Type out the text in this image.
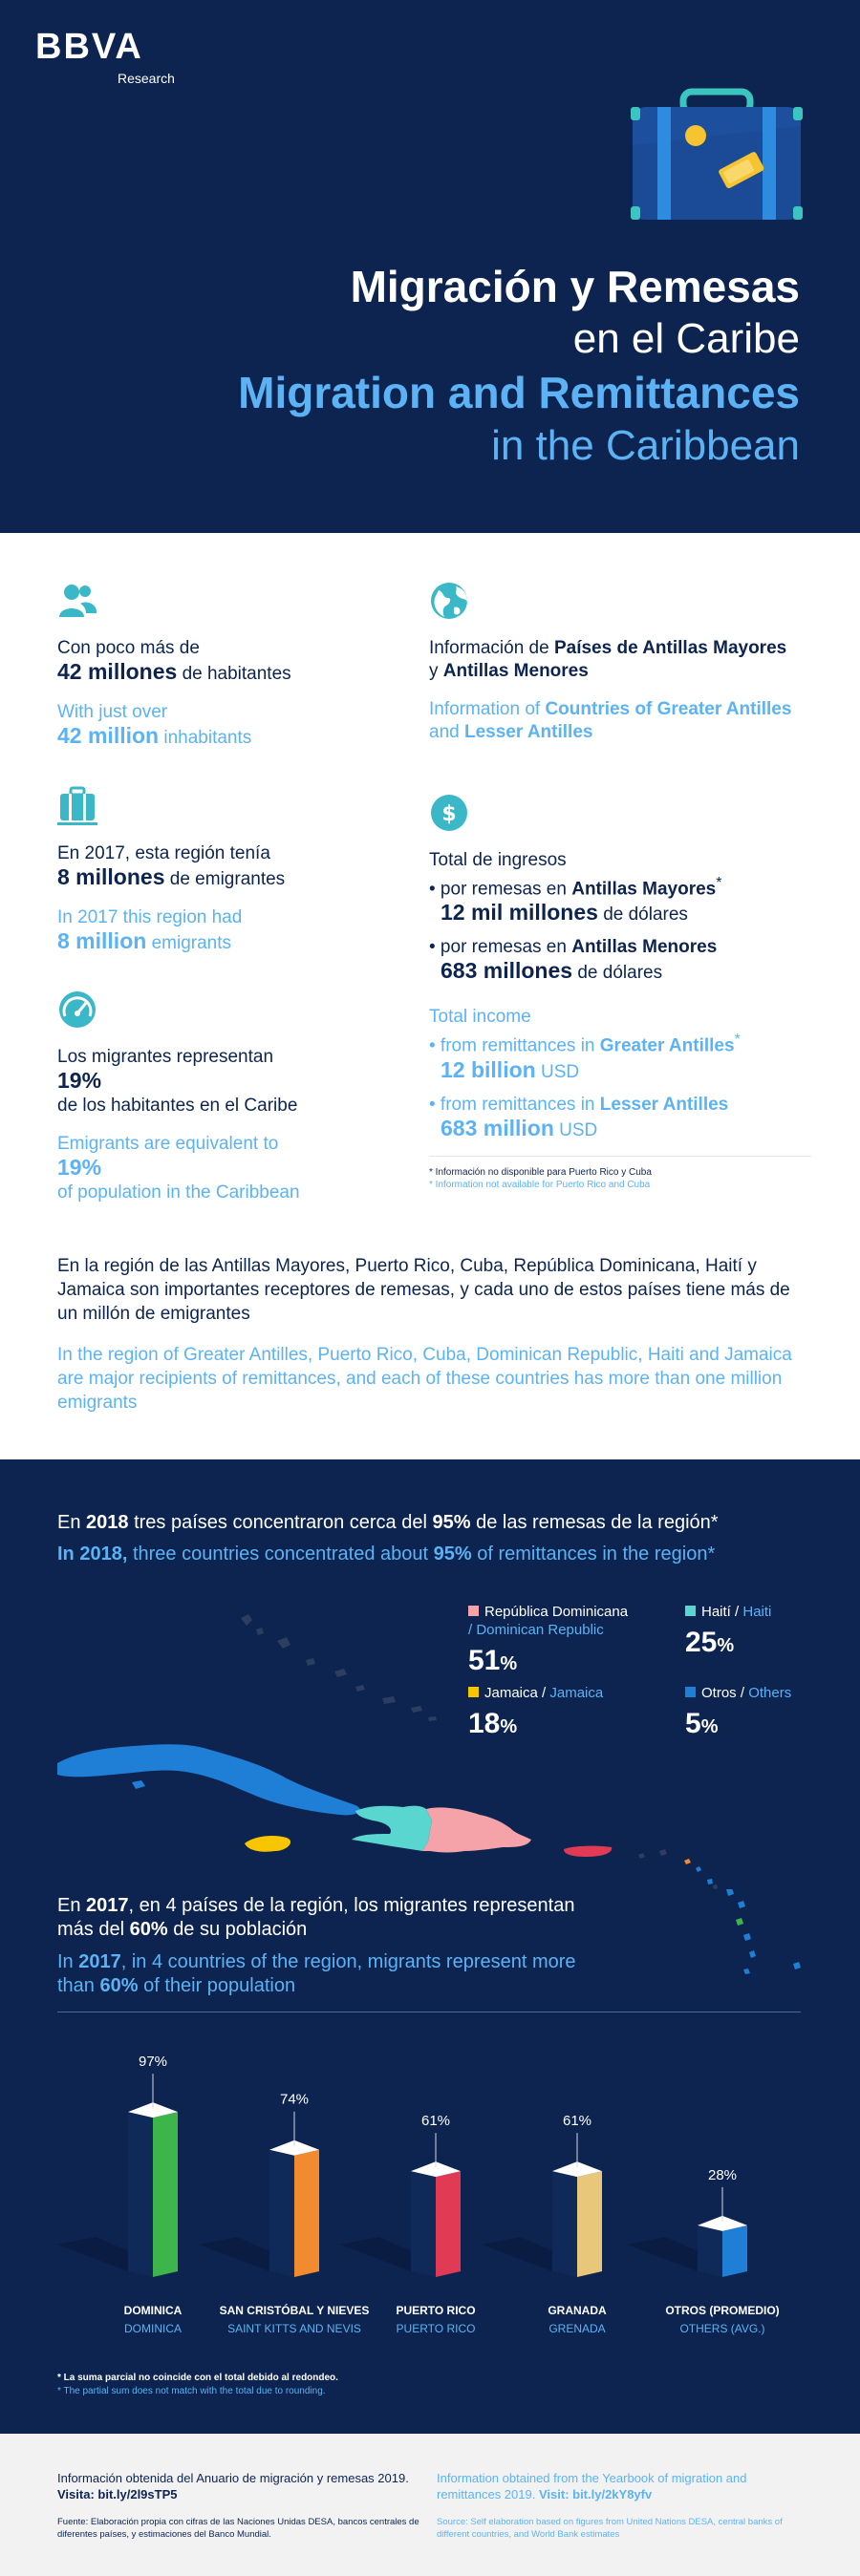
BBVA
Research
Migración y Remesas
en el Caribe
Migration and Remittances
in the Caribbean
Con poco más de
42 millones de habitantes
With just over
42 million inhabitants
Información de Países de Antillas Mayores y Antillas Menores
Information of Countries of Greater Antilles and Lesser Antilles
En 2017, esta región tenía
8 millones de emigrantes
In 2017 this region had
8 million emigrants
$
Total de ingresos
• por remesas en Antillas Mayores*
12 mil millones de dólares
• por remesas en Antillas Menores
683 millones de dólares
Total income
• from remittances in Greater Antilles*
12 billion USD
• from remittances in Lesser Antilles
683 million USD
* Información no disponible para Puerto Rico y Cuba
* Information not available for Puerto Rico and Cuba
Los migrantes representan
19%
de los habitantes en el Caribe
Emigrants are equivalent to
19%
of population in the Caribbean
En la región de las Antillas Mayores, Puerto Rico, Cuba, República Dominicana, Haití y Jamaica son importantes receptores de remesas, y cada uno de estos países tiene más de un millón de emigrantes
In the region of Greater Antilles, Puerto Rico, Cuba, Dominican Republic, Haiti and Jamaica are major recipients of remittances, and each of these countries has more than one million emigrants
En 2018 tres países concentraron cerca del 95% de las remesas de la región*
In 2018, three countries concentrated about 95% of remittances in the region*
República Dominicana
/ Dominican Republic
51%
Haití / Haiti
25%
Jamaica / Jamaica
18%
Otros / Others
5%
En 2017, en 4 países de la región, los migrantes representan más del 60% de su población
In 2017, in 4 countries of the region, migrants represent more than 60% of their population
97%
DOMINICA
DOMINICA
74%
SAN CRISTÓBAL Y NIEVES
SAINT KITTS AND NEVIS
61%
PUERTO RICO
PUERTO RICO
61%
GRANADA
GRENADA
28%
OTROS (PROMEDIO)
OTHERS (AVG.)
* La suma parcial no coincide con el total debido al redondeo.
* The partial sum does not match with the total due to rounding.
Información obtenida del Anuario de migración y remesas 2019. Visita: bit.ly/2l9sTP5
Fuente: Elaboración propia con cifras de las Naciones Unidas DESA, bancos centrales de diferentes países, y estimaciones del Banco Mundial.
Information obtained from the Yearbook of migration and remittances 2019. Visit: bit.ly/2kY8yfv
Source: Self elaboration based on figures from United Nations DESA, central banks of different countries, and World Bank estimates
